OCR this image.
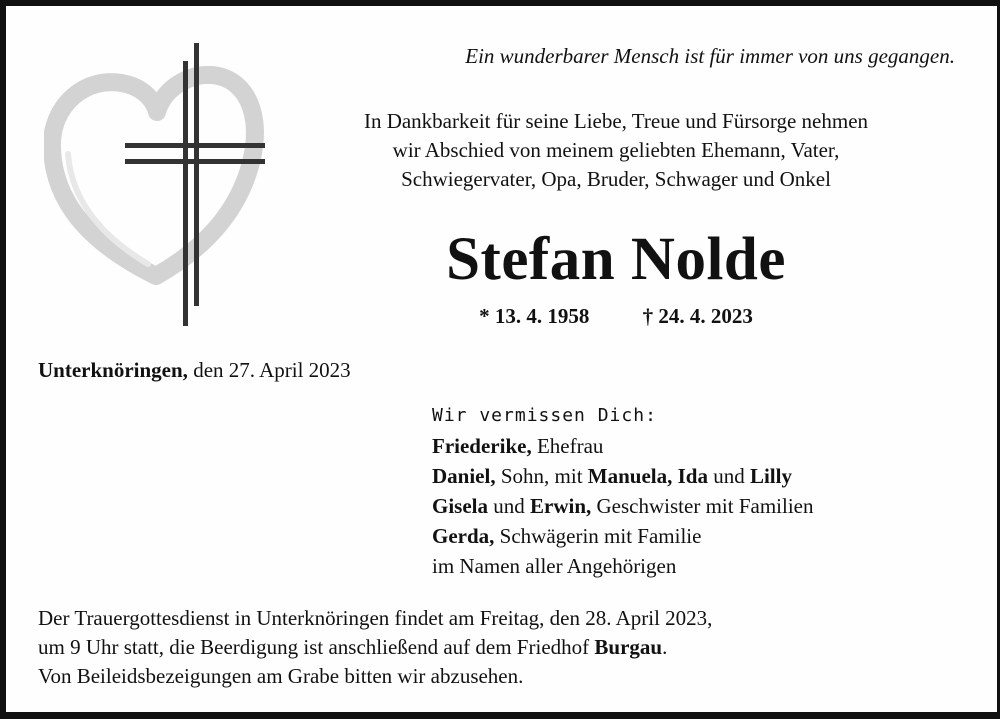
Ein wunderbarer Mensch ist für immer von uns gegangen.
In Dankbarkeit für seine Liebe, Treue und Fürsorge nehmen
wir Abschied von meinem geliebten Ehemann, Vater,
Schwiegervater, Opa, Bruder, Schwager und Onkel
Stefan Nolde
* 13. 4. 1958	† 24. 4. 2023
Unterknöringen, den 27. April 2023
Wir vermissen Dich:
Friederike, Ehefrau
Daniel, Sohn, mit Manuela, Ida und Lilly
Gisela und Erwin, Geschwister mit Familien
Gerda, Schwägerin mit Familie
im Namen aller Angehörigen
Der Trauergottesdienst in Unterknöringen findet am Freitag, den 28. April 2023,
um 9 Uhr statt, die Beerdigung ist anschließend auf dem Friedhof Burgau.
Von Beileidsbezeigungen am Grabe bitten wir abzusehen.
